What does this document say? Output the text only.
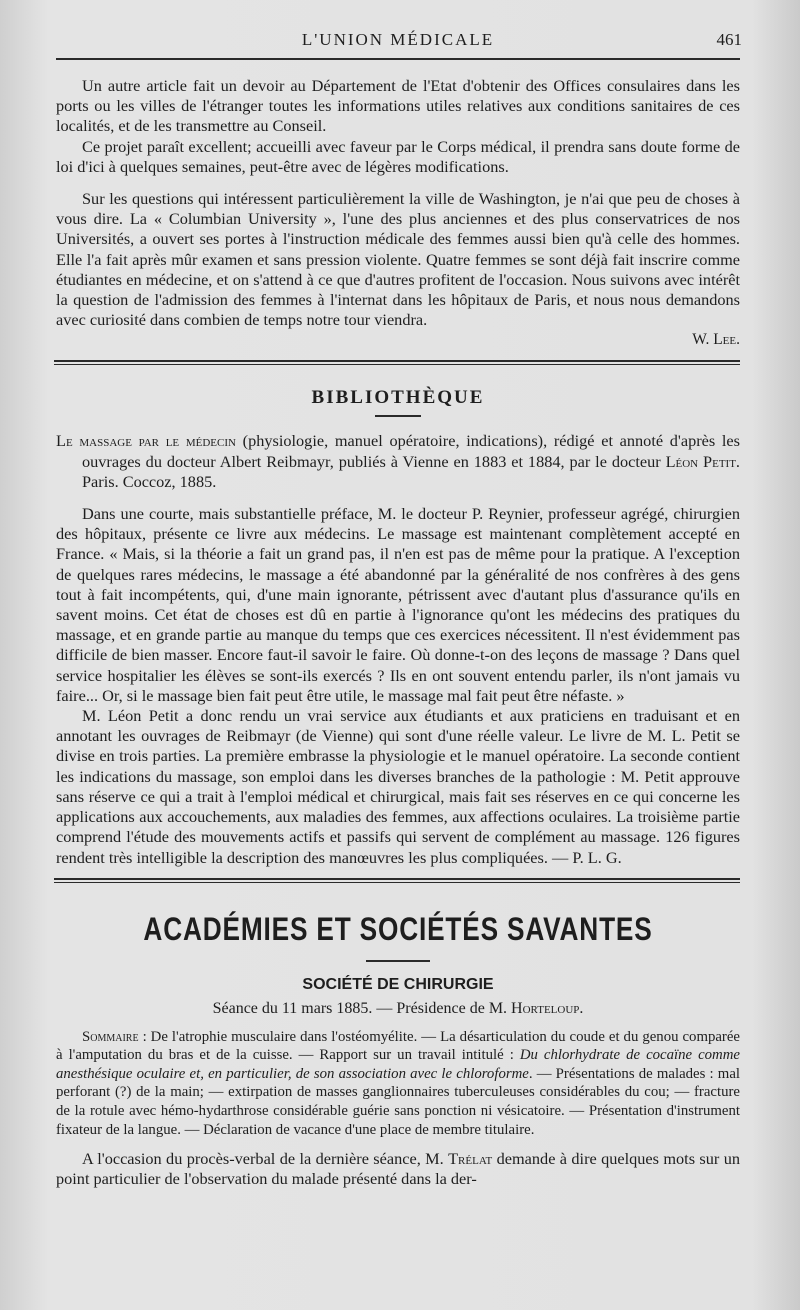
L'UNION MÉDICALE	461

Un autre article fait un devoir au Département de l'Etat d'obtenir des Offices consulaires dans les ports ou les villes de l'étranger toutes les informations utiles relatives aux conditions sanitaires de ces localités, et de les transmettre au Conseil.

Ce projet paraît excellent; accueilli avec faveur par le Corps médical, il prendra sans doute forme de loi d'ici à quelques semaines, peut-être avec de légères modifications.

Sur les questions qui intéressent particulièrement la ville de Washington, je n'ai que peu de choses à vous dire. La « Columbian University », l'une des plus anciennes et des plus conservatrices de nos Universités, a ouvert ses portes à l'instruction médicale des femmes aussi bien qu'à celle des hommes. Elle l'a fait après mûr examen et sans pression violente. Quatre femmes se sont déjà fait inscrire comme étudiantes en médecine, et on s'attend à ce que d'autres profitent de l'occasion. Nous suivons avec intérêt la question de l'admission des femmes à l'internat dans les hôpitaux de Paris, et nous nous demandons avec curiosité dans combien de temps notre tour viendra.

W. Lee.

BIBLIOTHÈQUE

Le massage par le médecin (physiologie, manuel opératoire, indications), rédigé et annoté d'après les ouvrages du docteur Albert Reibmayr, publiés à Vienne en 1883 et 1884, par le docteur Léon Petit. Paris. Coccoz, 1885.

Dans une courte, mais substantielle préface, M. le docteur P. Reynier, professeur agrégé, chirurgien des hôpitaux, présente ce livre aux médecins. Le massage est maintenant complètement accepté en France. « Mais, si la théorie a fait un grand pas, il n'en est pas de même pour la pratique. A l'exception de quelques rares médecins, le massage a été abandonné par la généralité de nos confrères à des gens tout à fait incompétents, qui, d'une main ignorante, pétrissent avec d'autant plus d'assurance qu'ils en savent moins. Cet état de choses est dû en partie à l'ignorance qu'ont les médecins des pratiques du massage, et en grande partie au manque du temps que ces exercices nécessitent. Il n'est évidemment pas difficile de bien masser. Encore faut-il savoir le faire. Où donne-t-on des leçons de massage ? Dans quel service hospitalier les élèves se sont-ils exercés ? Ils en ont souvent entendu parler, ils n'ont jamais vu faire... Or, si le massage bien fait peut être utile, le massage mal fait peut être néfaste. »

M. Léon Petit a donc rendu un vrai service aux étudiants et aux praticiens en traduisant et en annotant les ouvrages de Reibmayr (de Vienne) qui sont d'une réelle valeur. Le livre de M. L. Petit se divise en trois parties. La première embrasse la physiologie et le manuel opératoire. La seconde contient les indications du massage, son emploi dans les diverses branches de la pathologie : M. Petit approuve sans réserve ce qui a trait à l'emploi médical et chirurgical, mais fait ses réserves en ce qui concerne les applications aux accouchements, aux maladies des femmes, aux affections oculaires. La troisième partie comprend l'étude des mouvements actifs et passifs qui servent de complément au massage. 126 figures rendent très intelligible la description des manœuvres les plus compliquées. — P. L. G.

ACADÉMIES ET SOCIÉTÉS SAVANTES
SOCIÉTÉ DE CHIRURGIE
Séance du 11 mars 1885. — Présidence de M. Horteloup.

Sommaire : De l'atrophie musculaire dans l'ostéomyélite. — La désarticulation du coude et du genou comparée à l'amputation du bras et de la cuisse. — Rapport sur un travail intitulé : Du chlorhydrate de cocaïne comme anesthésique oculaire et, en particulier, de son association avec le chloroforme. — Présentations de malades : mal perforant (?) de la main; — extirpation de masses ganglionnaires tuberculeuses considérables du cou; — fracture de la rotule avec hémo-hydarthrose considérable guérie sans ponction ni vésicatoire. — Présentation d'instrument fixateur de la langue. — Déclaration de vacance d'une place de membre titulaire.

A l'occasion du procès-verbal de la dernière séance, M. Trélat demande à dire quelques mots sur un point particulier de l'observation du malade présenté dans la der-
